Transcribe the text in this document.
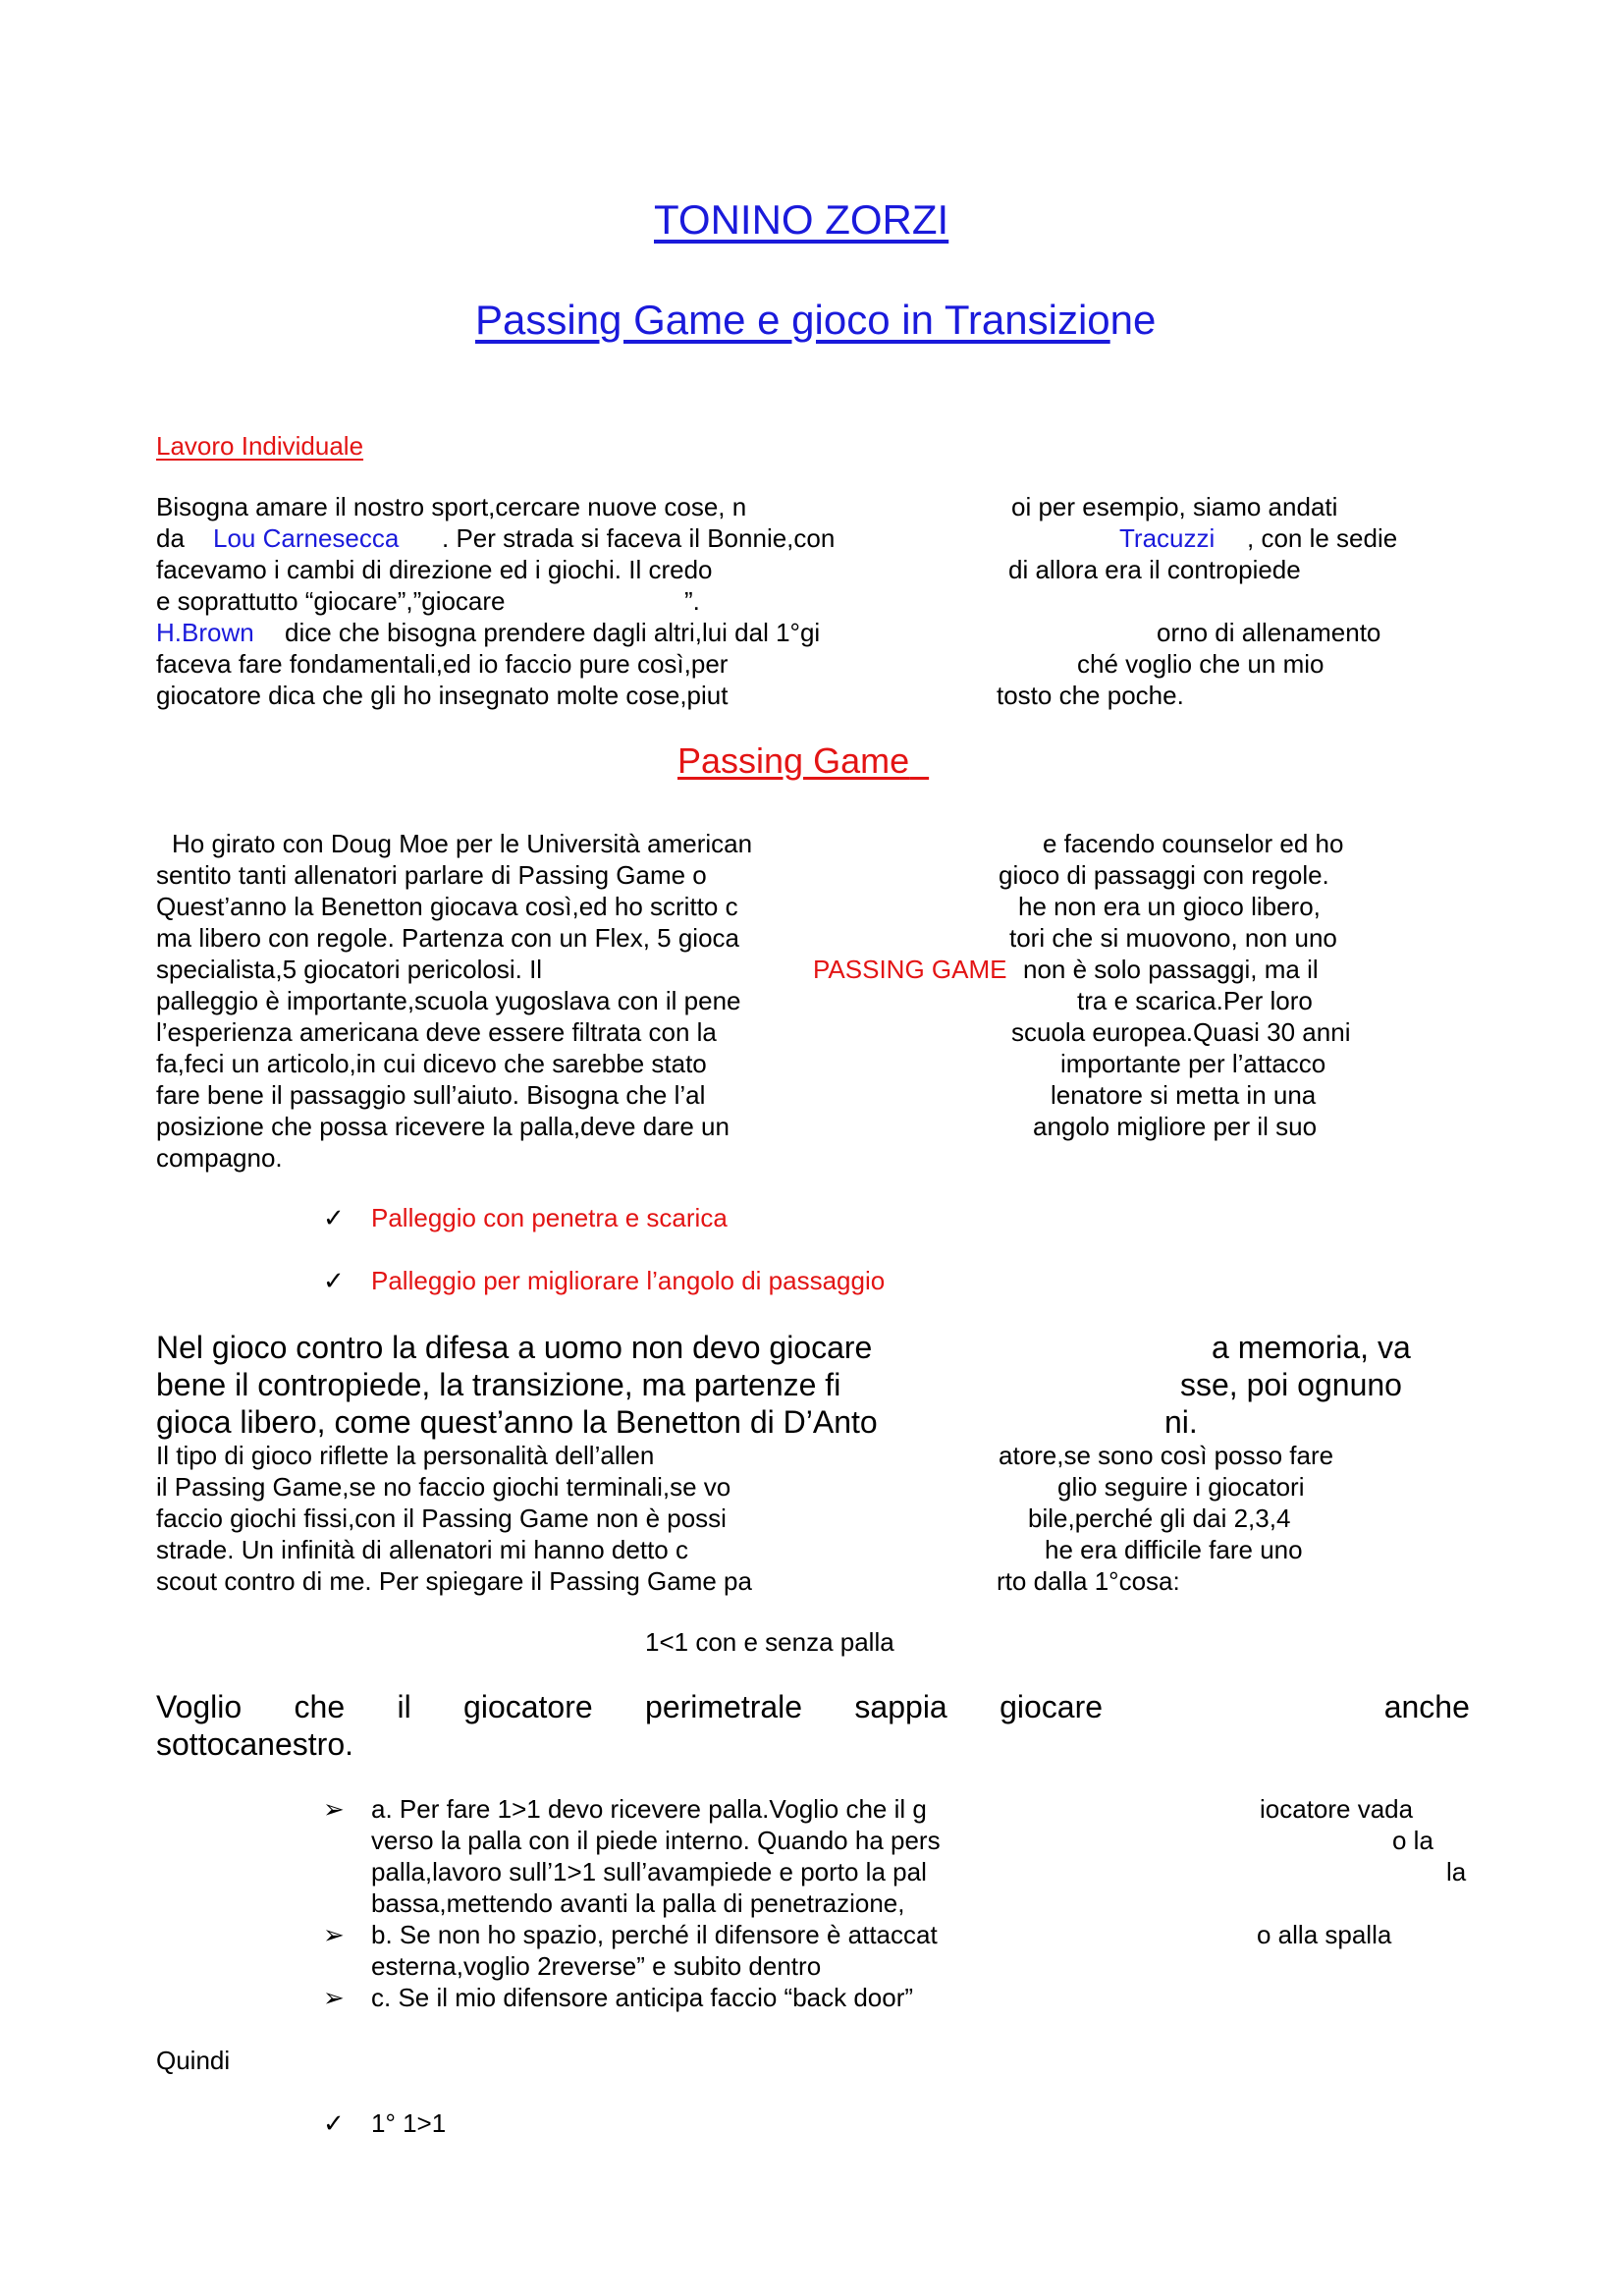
TONINO ZORZI
Passing Game e gioco in Transizione
Lavoro Individuale
Bisogna amare il nostro sport,cercare nuove cose, n	oi per esempio, siamo andati
da Lou Carnesecca . Per strada si faceva il Bonnie,con	Tracuzzi , con le sedie
facevamo i cambi di direzione ed i giochi. Il credo	di allora era il contropiede
e soprattutto “giocare”,”giocare	”.
H.Brown dice che bisogna prendere dagli altri,lui dal 1°gi	orno di allenamento
faceva fare fondamentali,ed io faccio pure così,per	ché voglio che un mio
giocatore dica che gli ho insegnato molte cose,piut	tosto che poche.
Passing Game
Ho girato con Doug Moe per le Università american	e facendo counselor ed ho
sentito tanti allenatori parlare di Passing Game o	gioco di passaggi con regole.
Quest’anno la Benetton giocava così,ed ho scritto c	he non era un gioco libero,
ma libero con regole. Partenza con un Flex, 5 gioca	tori che si muovono, non uno
specialista,5 giocatori pericolosi. Il	PASSING GAME non è solo passaggi, ma il
palleggio è importante,scuola yugoslava con il pene	tra e scarica.Per loro
l’esperienza americana deve essere filtrata con la	scuola europea.Quasi 30 anni
fa,feci un articolo,in cui dicevo che sarebbe stato	importante per l’attacco
fare bene il passaggio sull’aiuto. Bisogna che l’al	lenatore si metta in una
posizione che possa ricevere la palla,deve dare un	angolo migliore per il suo
compagno.
✓ Palleggio con penetra e scarica
✓ Palleggio per migliorare l’angolo di passaggio
Nel gioco contro la difesa a uomo non devo giocare	a memoria, va
bene il contropiede, la transizione, ma partenze fi	sse, poi ognuno
gioca libero, come quest’anno la Benetton di D’Anto	ni.
Il tipo di gioco riflette la personalità dell’allen	atore,se sono così posso fare
il Passing Game,se no faccio giochi terminali,se vo	glio seguire i giocatori
faccio giochi fissi,con il Passing Game non è possi	bile,perché gli dai 2,3,4
strade. Un infinità di allenatori mi hanno detto c	he era difficile fare uno
scout contro di me. Per spiegare il Passing Game pa	rto dalla 1°cosa:
1<1 con e senza palla
Voglio che il giocatore perimetrale sappia giocare	anche
sottocanestro.
➢ a. Per fare 1>1 devo ricevere palla.Voglio che il g	iocatore vada
verso la palla con il piede interno. Quando ha pers	o la
palla,lavoro sull’1>1 sull’avampiede e porto la pal	la
bassa,mettendo avanti la palla di penetrazione,
➢ b. Se non ho spazio, perché il difensore è attaccat	o alla spalla
esterna,voglio 2reverse” e subito dentro
➢ c. Se il mio difensore anticipa faccio “back door”
Quindi
✓ 1° 1>1
